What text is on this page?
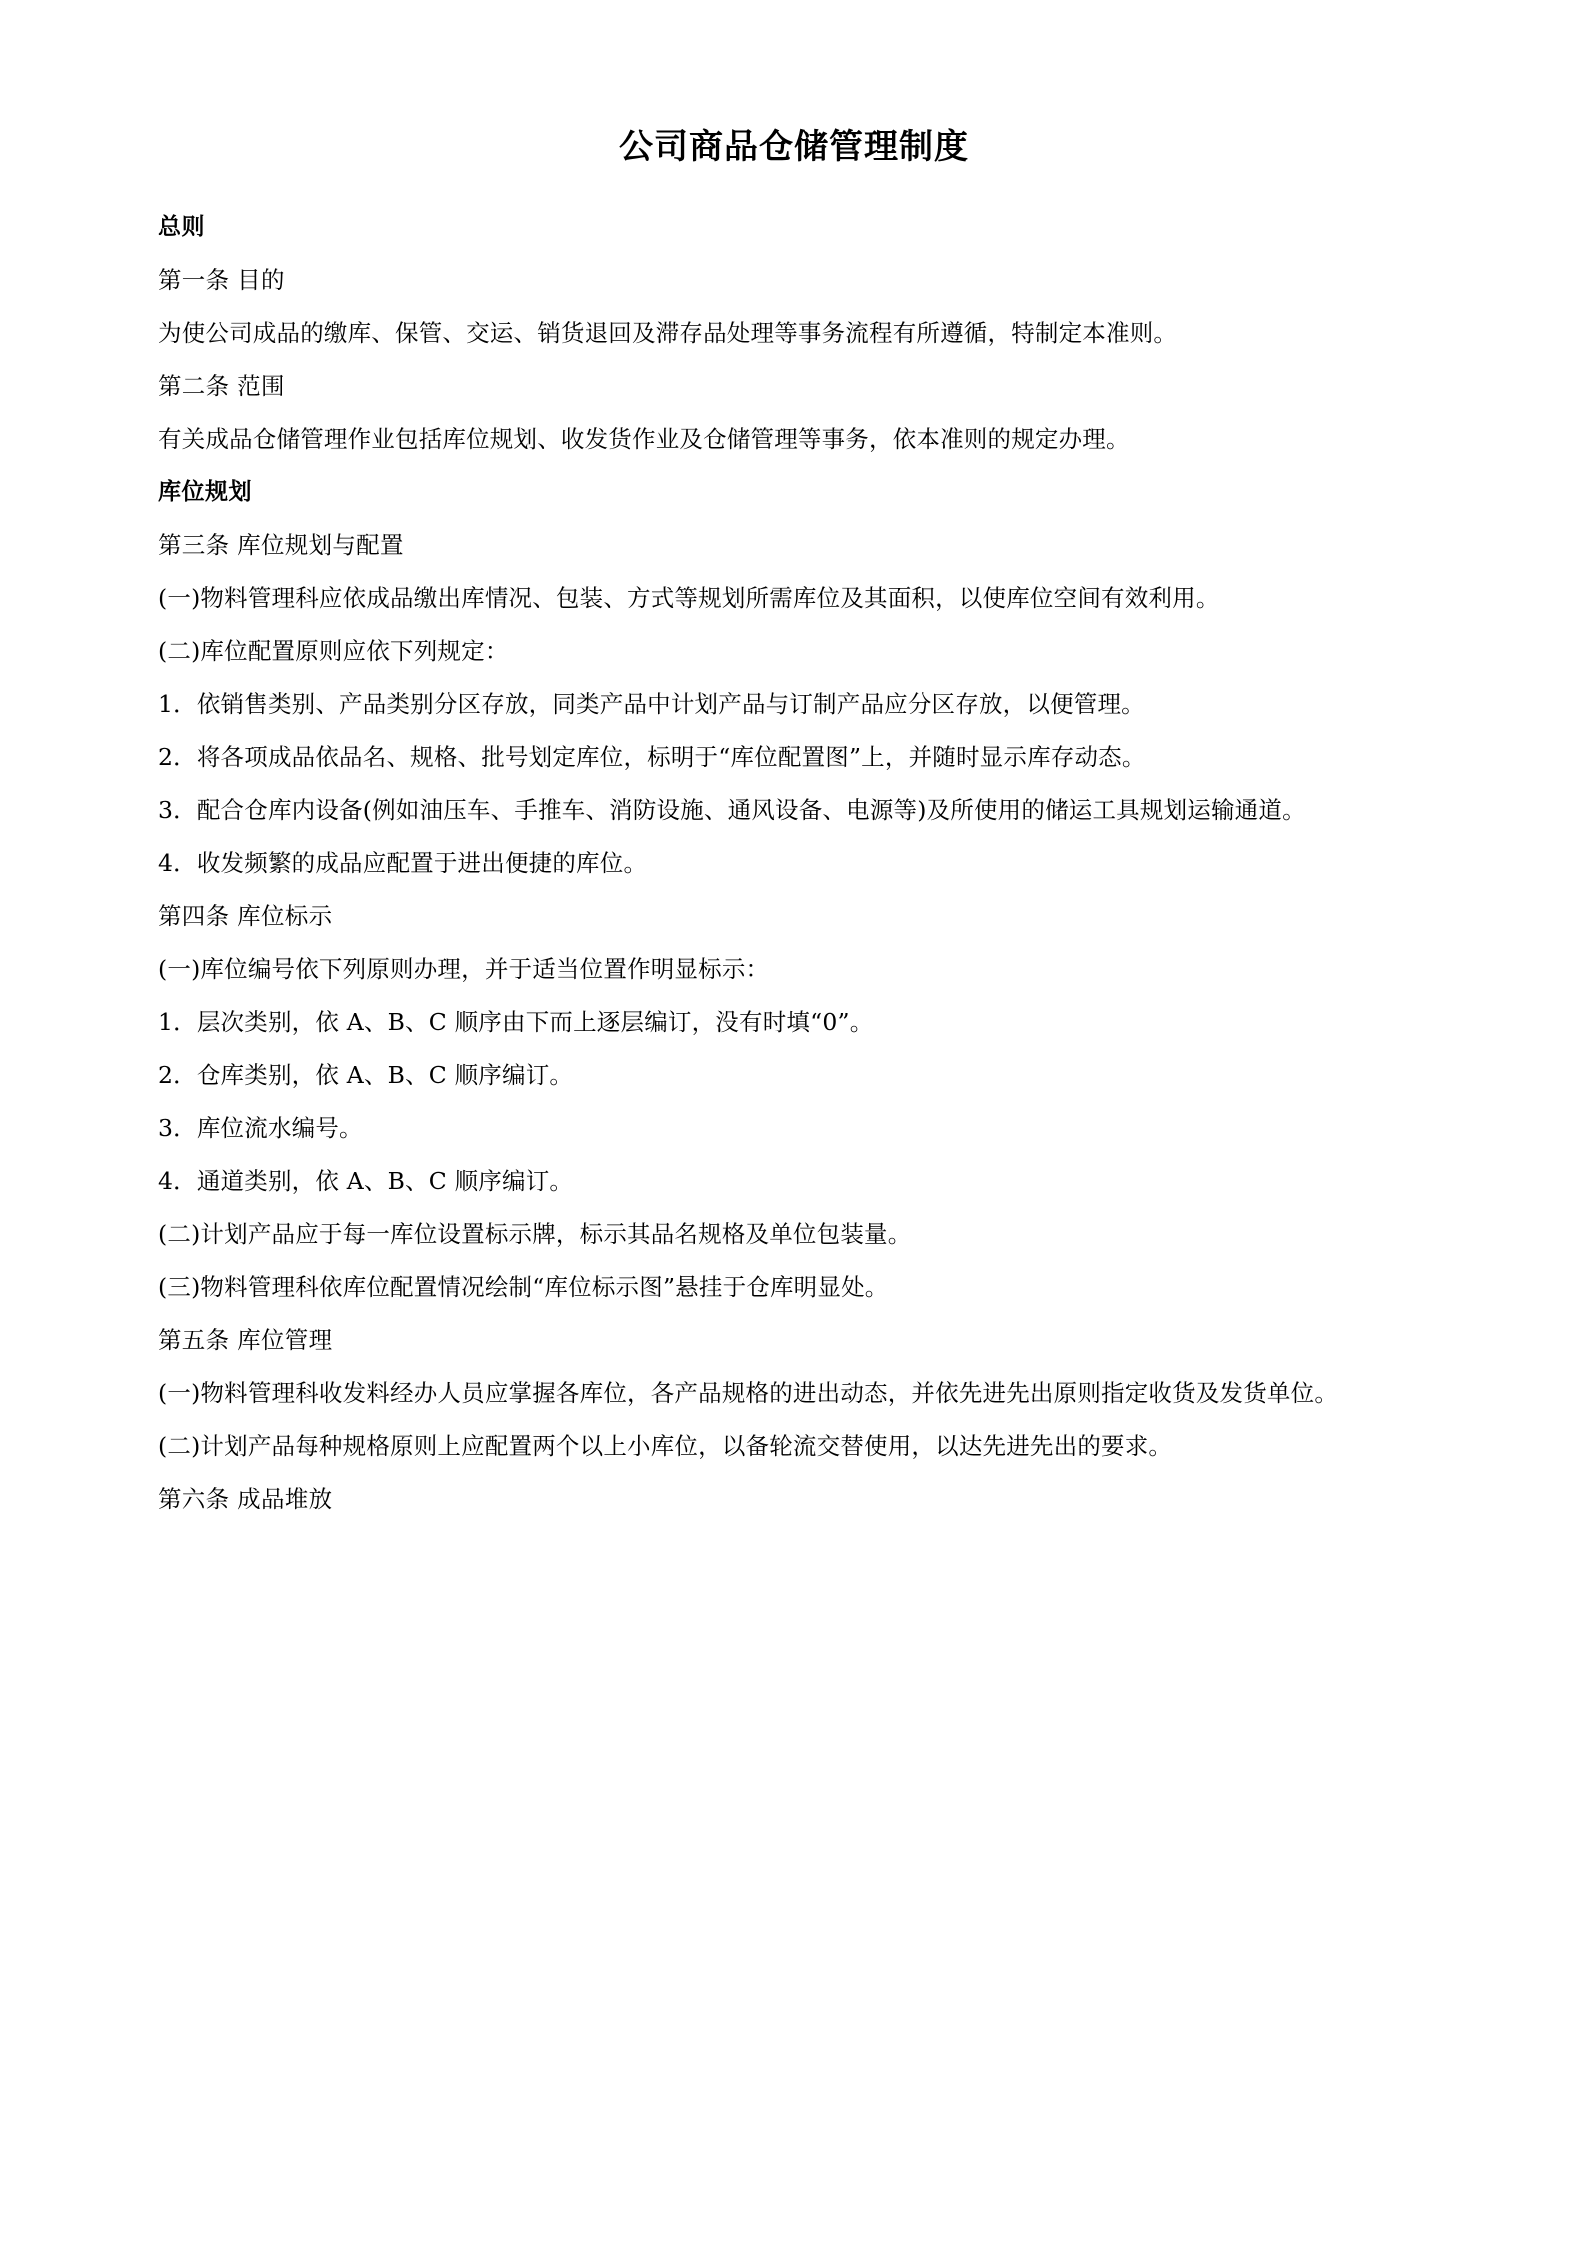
公司商品仓储管理制度

总则

第一条 目的

为使公司成品的缴库、保管、交运、销货退回及滞存品处理等事务流程有所遵循，特制定本准则。

第二条 范围

有关成品仓储管理作业包括库位规划、收发货作业及仓储管理等事务，依本准则的规定办理。

库位规划

第三条 库位规划与配置

(一)物料管理科应依成品缴出库情况、包装、方式等规划所需库位及其面积，以使库位空间有效利用。

(二)库位配置原则应依下列规定：

1．依销售类别、产品类别分区存放，同类产品中计划产品与订制产品应分区存放，以便管理。

2．将各项成品依品名、规格、批号划定库位，标明于“库位配置图”上，并随时显示库存动态。

3．配合仓库内设备(例如油压车、手推车、消防设施、通风设备、电源等)及所使用的储运工具规划运输通道。

4．收发频繁的成品应配置于进出便捷的库位。

第四条 库位标示

(一)库位编号依下列原则办理，并于适当位置作明显标示：

1．层次类别，依 A、B、C 顺序由下而上逐层编订，没有时填“0”。

2．仓库类别，依 A、B、C 顺序编订。

3．库位流水编号。

4．通道类别，依 A、B、C 顺序编订。

(二)计划产品应于每一库位设置标示牌，标示其品名规格及单位包装量。

(三)物料管理科依库位配置情况绘制“库位标示图”悬挂于仓库明显处。

第五条 库位管理

(一)物料管理科收发料经办人员应掌握各库位，各产品规格的进出动态，并依先进先出原则指定收货及发货单位。

(二)计划产品每种规格原则上应配置两个以上小库位，以备轮流交替使用，以达先进先出的要求。

第六条 成品堆放
